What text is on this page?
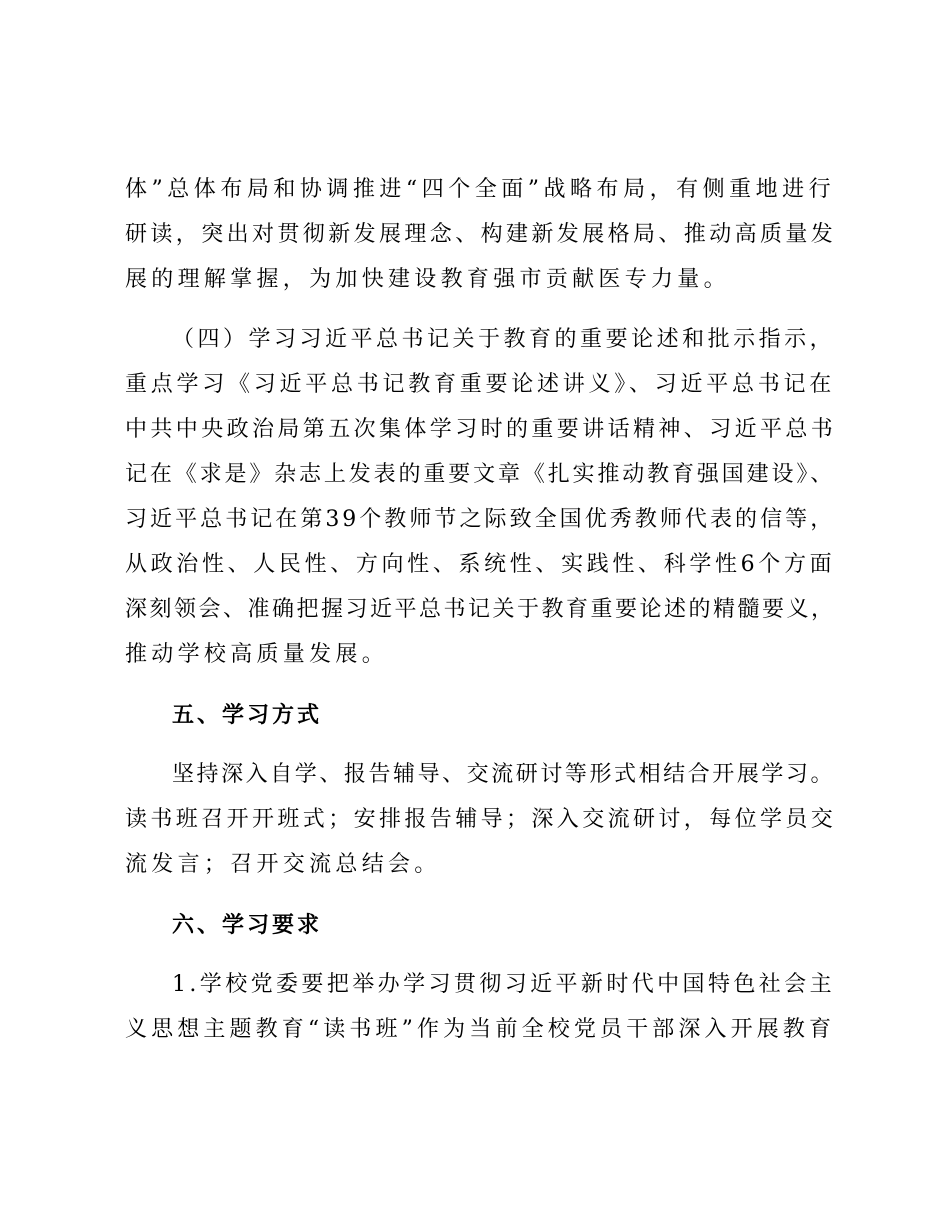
体”总体布局和协调推进“四个全面”战略布局，有侧重地进行
研读，突出对贯彻新发展理念、构建新发展格局、推动高质量发
展的理解掌握，为加快建设教育强市贡献医专力量。
（四）学习习近平总书记关于教育的重要论述和批示指示，
重点学习《习近平总书记教育重要论述讲义》、习近平总书记在
中共中央政治局第五次集体学习时的重要讲话精神、习近平总书
记在《求是》杂志上发表的重要文章《扎实推动教育强国建设》、
习近平总书记在第39个教师节之际致全国优秀教师代表的信等，
从政治性、人民性、方向性、系统性、实践性、科学性6个方面
深刻领会、准确把握习近平总书记关于教育重要论述的精髓要义，
推动学校高质量发展。
五、学习方式
坚持深入自学、报告辅导、交流研讨等形式相结合开展学习。
读书班召开开班式；安排报告辅导；深入交流研讨，每位学员交
流发言；召开交流总结会。
六、学习要求
1.学校党委要把举办学习贯彻习近平新时代中国特色社会主
义思想主题教育“读书班”作为当前全校党员干部深入开展教育
